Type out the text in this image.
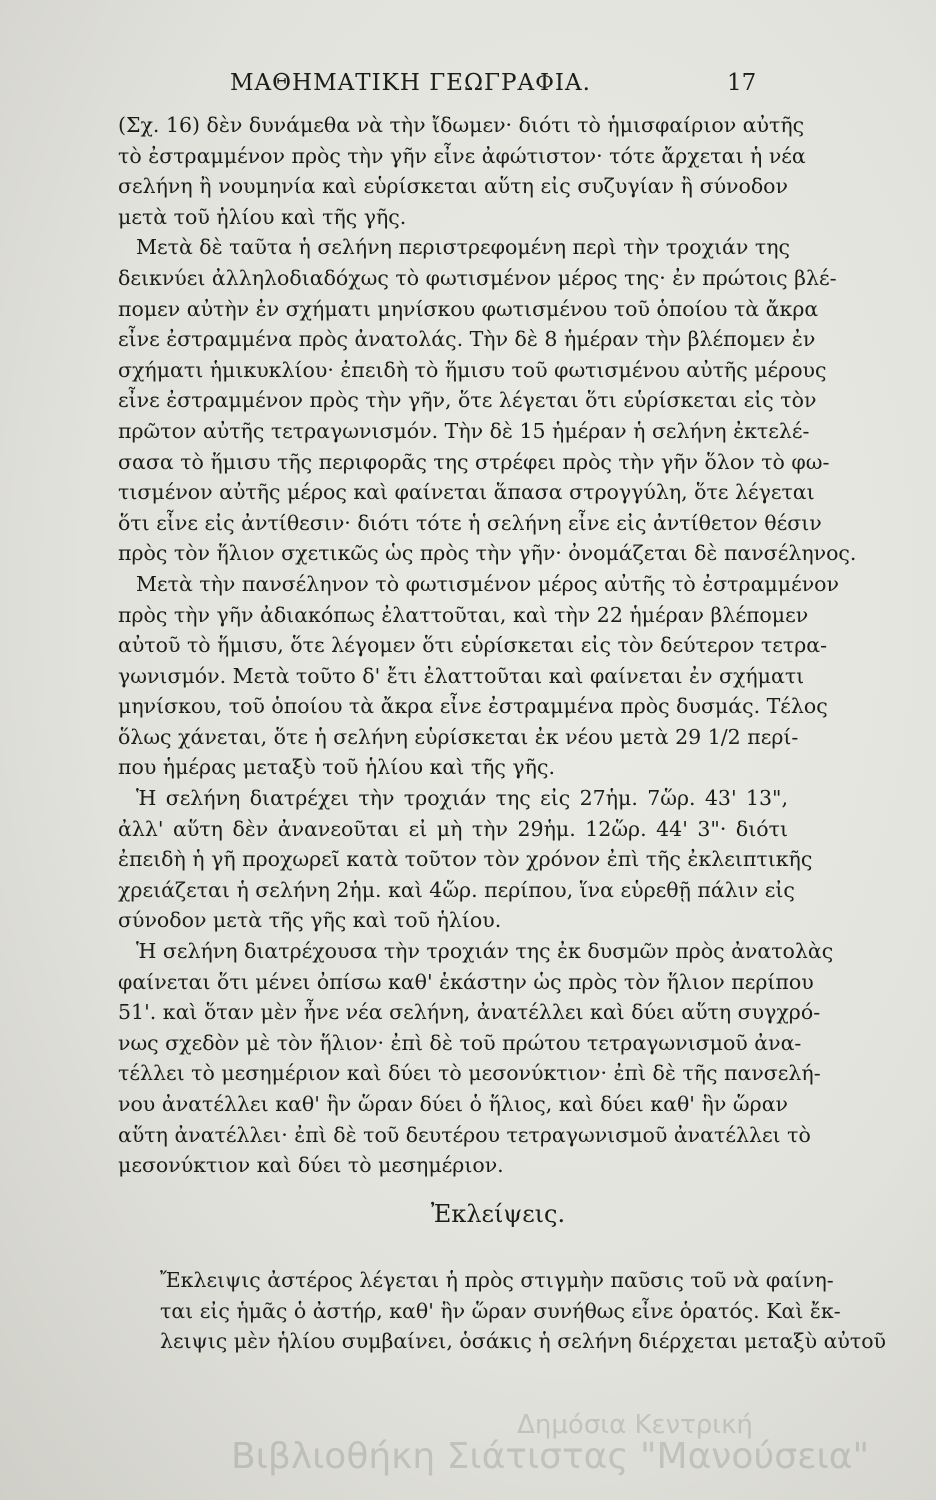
ΜΑΘΗΜΑΤΙΚΗ ΓΕΩΓΡΑΦΙΑ.	17
(Σχ. 16) δὲν δυνάμεθα νὰ τὴν ἴδωμεν· διότι τὸ ἡμισφαίριον αὐτῆς
τὸ ἐστραμμένον πρὸς τὴν γῆν εἶνε ἀφώτιστον· τότε ἄρχεται ἡ νέα
σελήνη ἢ νουμηνία καὶ εὑρίσκεται αὕτη εἰς συζυγίαν ἢ σύνοδον
μετὰ τοῦ ἡλίου καὶ τῆς γῆς.
Μετὰ δὲ ταῦτα ἡ σελήνη περιστρεφομένη περὶ τὴν τροχιάν της
δεικνύει ἀλληλοδιαδόχως τὸ φωτισμένον μέρος της· ἐν πρώτοις βλέ-
πομεν αὐτὴν ἐν σχήματι μηνίσκου φωτισμένου τοῦ ὁποίου τὰ ἄκρα
εἶνε ἐστραμμένα πρὸς ἀνατολάς. Τὴν δὲ 8 ἡμέραν τὴν βλέπομεν ἐν
σχήματι ἡμικυκλίου· ἐπειδὴ τὸ ἥμισυ τοῦ φωτισμένου αὐτῆς μέρους
εἶνε ἐστραμμένον πρὸς τὴν γῆν, ὅτε λέγεται ὅτι εὑρίσκεται εἰς τὸν
πρῶτον αὐτῆς τετραγωνισμόν. Τὴν δὲ 15 ἡμέραν ἡ σελήνη ἐκτελέ-
σασα τὸ ἥμισυ τῆς περιφορᾶς της στρέφει πρὸς τὴν γῆν ὅλον τὸ φω-
τισμένον αὐτῆς μέρος καὶ φαίνεται ἅπασα στρογγύλη, ὅτε λέγεται
ὅτι εἶνε εἰς ἀντίθεσιν· διότι τότε ἡ σελήνη εἶνε εἰς ἀντίθετον θέσιν
πρὸς τὸν ἥλιον σχετικῶς ὡς πρὸς τὴν γῆν· ὀνομάζεται δὲ πανσέληνος.
Μετὰ τὴν πανσέληνον τὸ φωτισμένον μέρος αὐτῆς τὸ ἐστραμμένον
πρὸς τὴν γῆν ἀδιακόπως ἐλαττοῦται, καὶ τὴν 22 ἡμέραν βλέπομεν
αὐτοῦ τὸ ἥμισυ, ὅτε λέγομεν ὅτι εὑρίσκεται εἰς τὸν δεύτερον τετρα-
γωνισμόν. Μετὰ τοῦτο δ' ἔτι ἐλαττοῦται καὶ φαίνεται ἐν σχήματι
μηνίσκου, τοῦ ὁποίου τὰ ἄκρα εἶνε ἐστραμμένα πρὸς δυσμάς. Τέλος
ὅλως χάνεται, ὅτε ἡ σελήνη εὑρίσκεται ἐκ νέου μετὰ 29 1/2 περί-
που ἡμέρας μεταξὺ τοῦ ἡλίου καὶ τῆς γῆς.
Ἡ σελήνη διατρέχει τὴν τροχιάν της εἰς 27ἡμ. 7ὥρ. 43' 13",
ἀλλ' αὕτη δὲν ἀνανεοῦται εἰ μὴ τὴν 29ἡμ. 12ὥρ. 44' 3"· διότι
ἐπειδὴ ἡ γῆ προχωρεῖ κατὰ τοῦτον τὸν χρόνον ἐπὶ τῆς ἐκλειπτικῆς
χρειάζεται ἡ σελήνη 2ἡμ. καὶ 4ὥρ. περίπου, ἵνα εὑρεθῇ πάλιν εἰς
σύνοδον μετὰ τῆς γῆς καὶ τοῦ ἡλίου.
Ἡ σελήνη διατρέχουσα τὴν τροχιάν της ἐκ δυσμῶν πρὸς ἀνατολὰς
φαίνεται ὅτι μένει ὀπίσω καθ' ἑκάστην ὡς πρὸς τὸν ἥλιον περίπου
51'. καὶ ὅταν μὲν ἦνε νέα σελήνη, ἀνατέλλει καὶ δύει αὕτη συγχρό-
νως σχεδὸν μὲ τὸν ἥλιον· ἐπὶ δὲ τοῦ πρώτου τετραγωνισμοῦ ἀνα-
τέλλει τὸ μεσημέριον καὶ δύει τὸ μεσονύκτιον· ἐπὶ δὲ τῆς πανσελή-
νου ἀνατέλλει καθ' ἣν ὥραν δύει ὁ ἥλιος, καὶ δύει καθ' ἣν ὥραν
αὕτη ἀνατέλλει· ἐπὶ δὲ τοῦ δευτέρου τετραγωνισμοῦ ἀνατέλλει τὸ
μεσονύκτιον καὶ δύει τὸ μεσημέριον.
Ἐκλείψεις.
Ἔκλειψις ἀστέρος λέγεται ἡ πρὸς στιγμὴν παῦσις τοῦ νὰ φαίνη-
ται εἰς ἡμᾶς ὁ ἀστήρ, καθ' ἣν ὥραν συνήθως εἶνε ὁρατός. Καὶ ἔκ-
λειψις μὲν ἡλίου συμβαίνει, ὁσάκις ἡ σελήνη διέρχεται μεταξὺ αὐτοῦ
Δημόσια Κεντρική
Βιβλιοθήκη Σιάτιστας "Μανούσεια"
